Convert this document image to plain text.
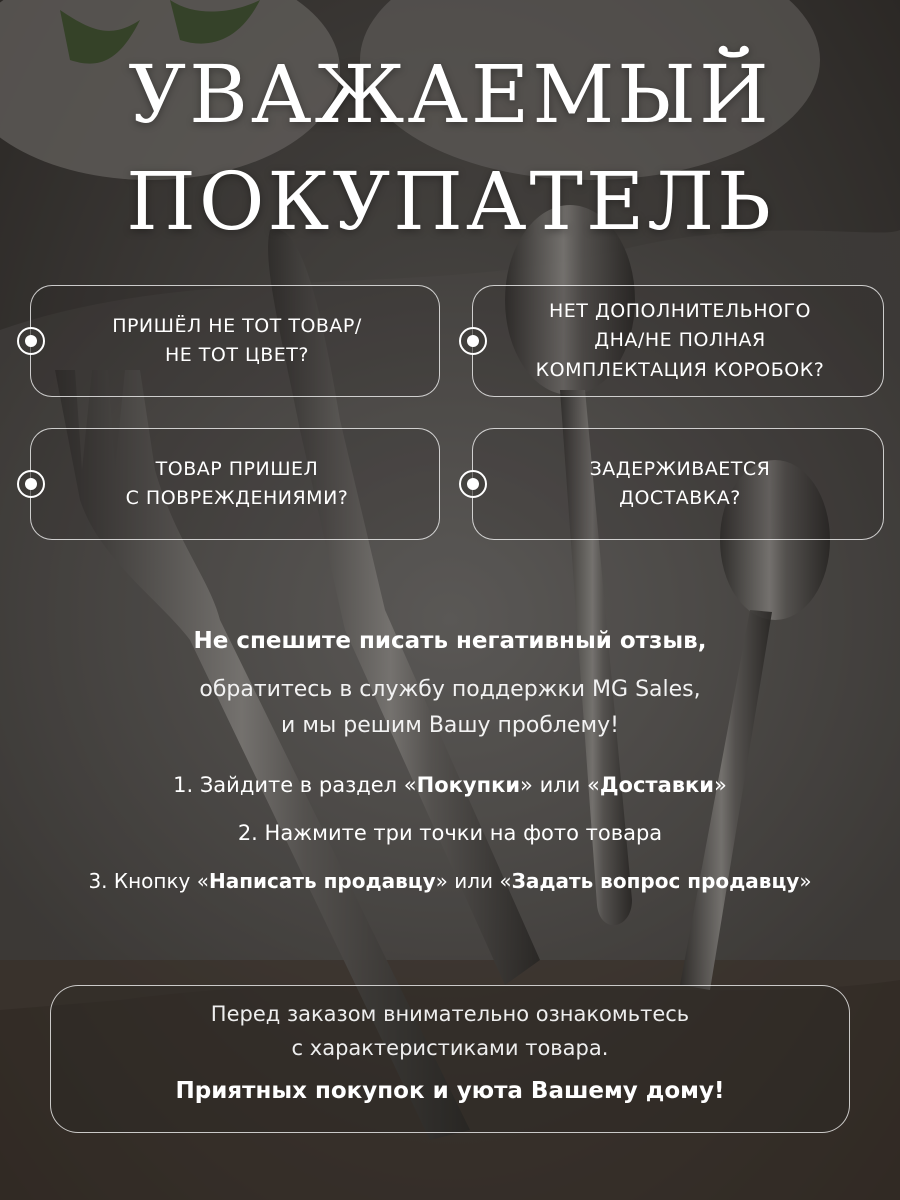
УВАЖАЕМЫЙ
ПОКУПАТЕЛЬ
ПРИШЁЛ НЕ ТОТ ТОВАР/
НЕ ТОТ ЦВЕТ?
НЕТ ДОПОЛНИТЕЛЬНОГО
ДНА/НЕ ПОЛНАЯ
КОМПЛЕКТАЦИЯ КОРОБОК?
ТОВАР ПРИШЕЛ
С ПОВРЕЖДЕНИЯМИ?
ЗАДЕРЖИВАЕТСЯ
ДОСТАВКА?
Не спешите писать негативный отзыв,
обратитесь в службу поддержки MG Sales,
и мы решим Вашу проблему!
1. Зайдите в раздел «Покупки» или «Доставки»
2. Нажмите три точки на фото товара
3. Кнопку «Написать продавцу» или «Задать вопрос продавцу»
Перед заказом внимательно ознакомьтесь
с характеристиками товара.
Приятных покупок и уюта Вашему дому!
